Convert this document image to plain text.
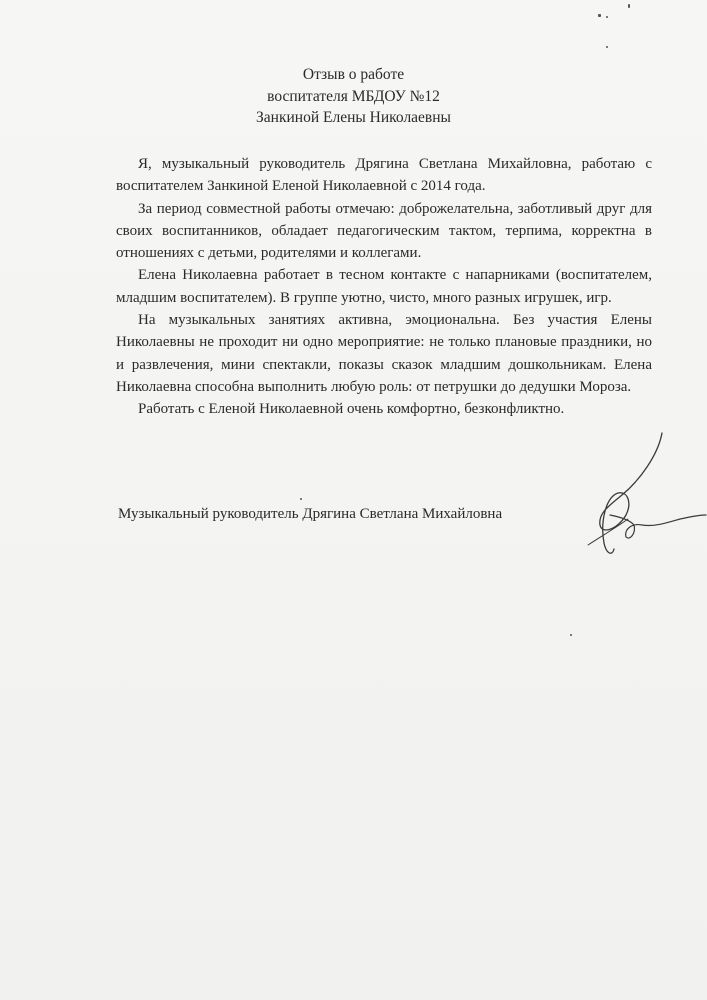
Отзыв о работе
воспитателя МБДОУ №12
Занкиной Елены Николаевны

Я, музыкальный руководитель Дрягина Светлана Михайловна, работаю с воспитателем Занкиной Еленой Николаевной с 2014 года.

За период совместной работы отмечаю: доброжелательна, заботливый друг для своих воспитанников, обладает педагогическим тактом, терпима, корректна в отношениях с детьми, родителями и коллегами.

Елена Николаевна работает в тесном контакте с напарниками (воспитателем, младшим воспитателем). В группе уютно, чисто, много разных игрушек, игр.

На музыкальных занятиях активна, эмоциональна. Без участия Елены Николаевны не проходит ни одно мероприятие: не только плановые праздники, но и развлечения, мини спектакли, показы сказок младшим дошкольникам. Елена Николаевна способна выполнить любую роль: от петрушки до дедушки Мороза.

Работать с Еленой Николаевной очень комфортно, безконфликтно.

Музыкальный руководитель Дрягина Светлана Михайловна
